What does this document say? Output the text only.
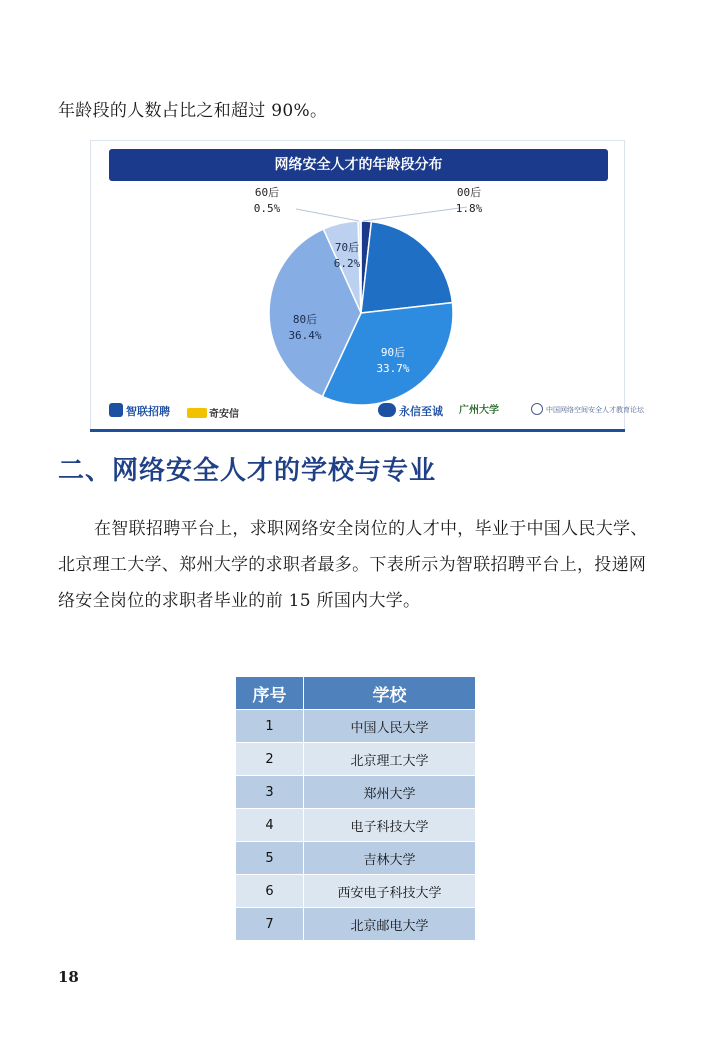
年龄段的人数占比之和超过 90%。

网络安全人才的年龄段分布
00后
1.8%
95后
21.4%
90后
33.7%
80后
36.4%
70后
6.2%
60后
0.5%
智联招聘	奇安信	永信至诚 广州大学	中国网络空间安全人才教育论坛
二、网络安全人才的学校与专业

在智联招聘平台上，求职网络安全岗位的人才中，毕业于中国人民大学、北京理工大学、郑州大学的求职者最多。下表所示为智联招聘平台上，投递网络安全岗位的求职者毕业的前 15 所国内大学。

序号	学校
1	中国人民大学
2	北京理工大学
3	郑州大学
4	电子科技大学
5	吉林大学
6	西安电子科技大学
7	北京邮电大学
18
